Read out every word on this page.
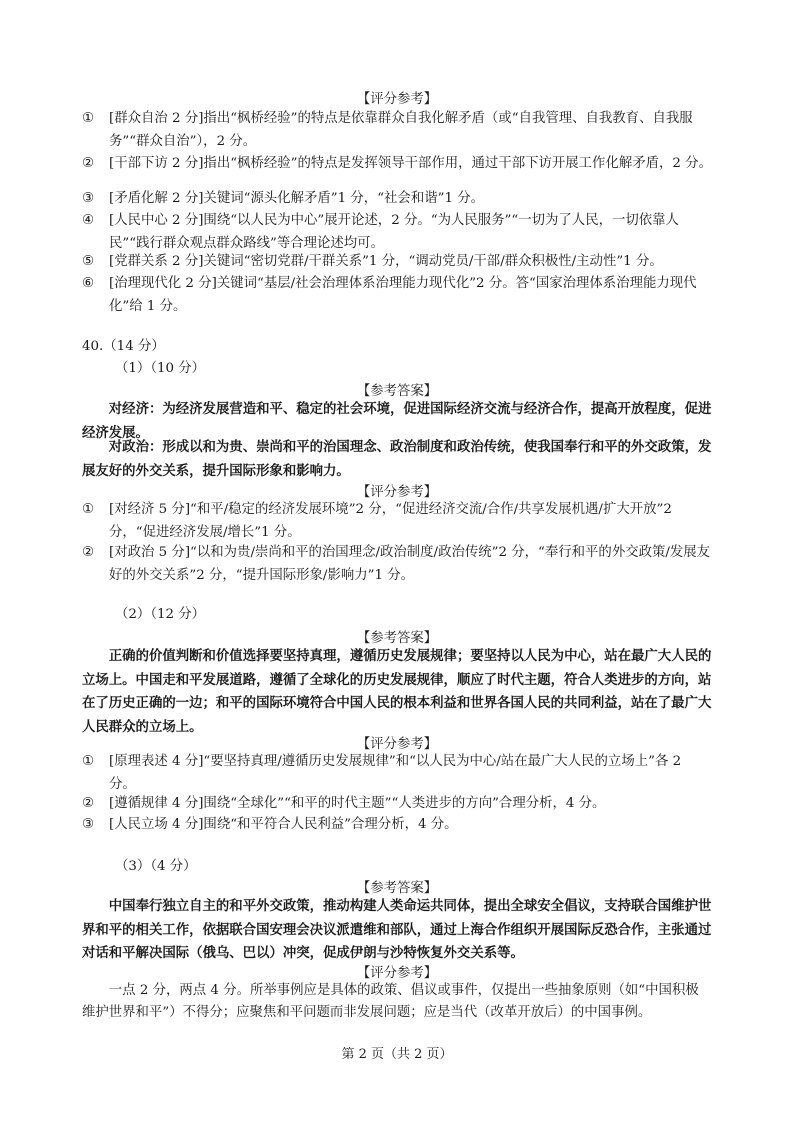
【评分参考】
①	[群众自治 2 分]指出“枫桥经验”的特点是依靠群众自我化解矛盾（或“自我管理、自我教育、自我服务”“群众自治”），2 分。
②	[干部下访 2 分]指出“枫桥经验”的特点是发挥领导干部作用，通过干部下访开展工作化解矛盾，2 分。
③	[矛盾化解 2 分]关键词“源头化解矛盾”1 分，“社会和谐”1 分。
④	[人民中心 2 分]围绕“以人民为中心”展开论述，2 分。“为人民服务”“一切为了人民，一切依靠人民”“践行群众观点群众路线”等合理论述均可。
⑤	[党群关系 2 分]关键词“密切党群/干群关系”1 分，“调动党员/干部/群众积极性/主动性”1 分。
⑥	[治理现代化 2 分]关键词“基层/社会治理体系治理能力现代化”2 分。答“国家治理体系治理能力现代化”给 1 分。
40.（14 分）
（1）（10 分）
【参考答案】
对经济：为经济发展营造和平、稳定的社会环境，促进国际经济交流与经济合作，提高开放程度，促进经济发展。
对政治：形成以和为贵、崇尚和平的治国理念、政治制度和政治传统，使我国奉行和平的外交政策，发展友好的外交关系，提升国际形象和影响力。
【评分参考】
①	[对经济 5 分]“和平/稳定的经济发展环境”2 分，“促进经济交流/合作/共享发展机遇/扩大开放”2 分，“促进经济发展/增长”1 分。
②	[对政治 5 分]“以和为贵/崇尚和平的治国理念/政治制度/政治传统”2 分，“奉行和平的外交政策/发展友好的外交关系”2 分，“提升国际形象/影响力”1 分。
（2）（12 分）
【参考答案】
正确的价值判断和价值选择要坚持真理，遵循历史发展规律；要坚持以人民为中心，站在最广大人民的立场上。中国走和平发展道路，遵循了全球化的历史发展规律，顺应了时代主题，符合人类进步的方向，站在了历史正确的一边；和平的国际环境符合中国人民的根本利益和世界各国人民的共同利益，站在了最广大人民群众的立场上。
【评分参考】
①	[原理表述 4 分]“要坚持真理/遵循历史发展规律”和“以人民为中心/站在最广大人民的立场上”各 2 分。
②	[遵循规律 4 分]围绕“全球化”“和平的时代主题”“人类进步的方向”合理分析，4 分。
③	[人民立场 4 分]围绕“和平符合人民利益”合理分析，4 分。
（3）（4 分）
【参考答案】
中国奉行独立自主的和平外交政策，推动构建人类命运共同体，提出全球安全倡议，支持联合国维护世界和平的相关工作，依据联合国安理会决议派遣维和部队，通过上海合作组织开展国际反恐合作，主张通过对话和平解决国际（俄乌、巴以）冲突，促成伊朗与沙特恢复外交关系等。
【评分参考】
一点 2 分，两点 4 分。所举事例应是具体的政策、倡议或事件，仅提出一些抽象原则（如“中国积极维护世界和平”）不得分；应聚焦和平问题而非发展问题；应是当代（改革开放后）的中国事例。
第 2 页（共 2 页）
